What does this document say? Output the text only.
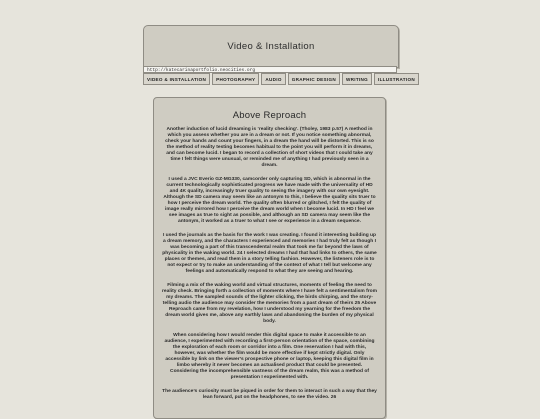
Video & Installation
http://katecarinaportfolio.neocities.org
VIDEO & INSTALLATION	PHOTOGRAPHY	AUDIO	GRAPHIC DESIGN	WRITING	ILLUSTRATION
Above Reproach

Another induction of lucid dreaming is ‘reality checking’. (Tholey, 1983 p.57) A method in which you assess whether you are in a dream or not. If you notice something abnormal, check your hands and count your fingers, in a dream the hand will be distorted. This is so the method of reality testing becomes habitual to the point you will perform it in dreams, and can become lucid. I began to record a collection of short videos that I could take any time I felt things were unusual, or reminded me of anything I had previously seen in a dream.

I used a JVC Everio GZ-MG330, camcorder only capturing SD, which is abnormal in the current technologically sophisticated progress we have made with the universality of HD and 4K quality, increasingly truer quality to seeing the imagery with our own eyesight. Although the SD camera may seem like an antonym to this, I believe the quality sits truer to how I perceive the dream world. The quality often blurred or glitched, I felt the quality of image really mirrored how I perceive the dream world when I become lucid. In HD I feel we see images as true to sight as possible, and although an SD camera may seem like the antonym, it worked as a truer to what I see or experience in a dream sequence.

I used the journals as the basis for the work I was creating. I found it interesting building up a dream memory, and the characters I experienced and memories I had truly felt as though I was becoming a part of this transcendental realm that took me far beyond the laws of physicality in the waking world. 24 I selected dreams I had that had links to others, the same places or themes, and read them in a story telling fashion. However, the listeners role is to not expect or try to make an understanding of the context of what I tell but welcome any feelings and automatically respond to what they are seeing and hearing.

Filming a mix of the waking world and virtual structures, moments of feeling the need to reality check. Bringing forth a collection of moments where I have felt a sentimentalism from my dreams. The sampled sounds of the lighter clicking, the birds chirping, and the story-telling audio the audience may consider the memories from a past dream of theirs 25 Above Reproach came from my revelation, how I understood my yearning for the freedom the dream world gives me, above any earthly laws and abandoning the burden of my physical body.

When considering how I would render this digital space to make it accessible to an audience, I experimented with recording a first-person orientation of the space, combining the exploration of each room or corridor into a film. One reservation I had with this, however, was whether the film would be more effective if kept strictly digital. Only accessible by link on the viewer’s prospective phone or laptop, keeping this digital film in limbo whereby it never becomes an actualised product that could be presented. Considering the incomprehensible vastness of the dream realm, this was a method of presentation I experimented with.

The audience’s curiosity must be piqued in order for them to interact in such a way that they lean forward, put on the headphones, to see the video. 26
